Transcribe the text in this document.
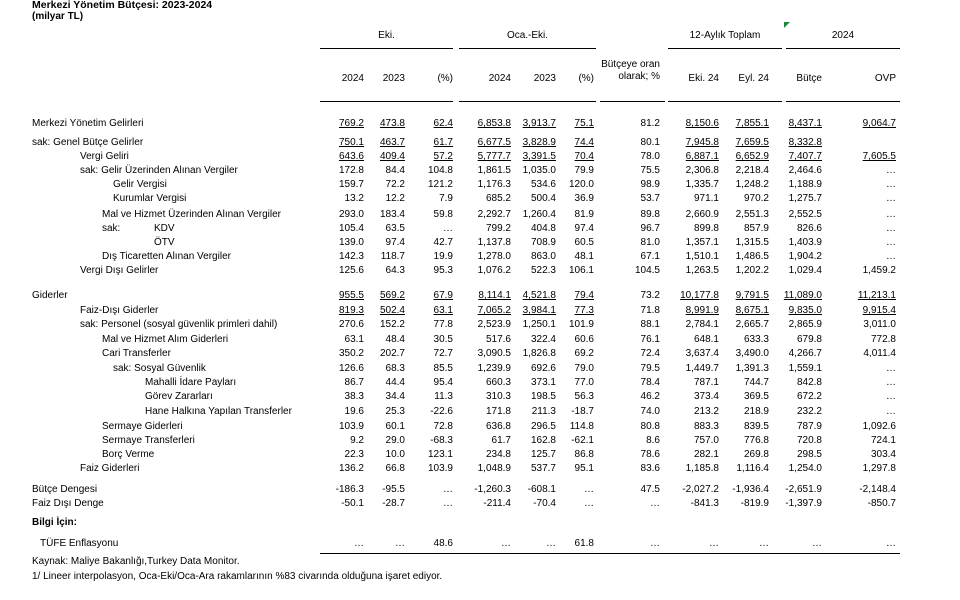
Merkezi Yönetim Bütçesi: 2023-2024
(milyar TL)
Eki.	Oca.-Eki.	12-Aylık Toplam	2024
2024	2023	(%)	2024	2023	(%)
Bütçeye oran olarak; %	Eki. 24	Eyl. 24	Bütçe	OVP
Merkezi Yönetim Gelirleri	769.2	473.8	62.4	6,853.8	3,913.7	75.1	81.2	8,150.6	7,855.1	8,437.1	9,064.7
sak: Genel Bütçe Gelirler	750.1	463.7	61.7	6,677.5	3,828.9	74.4	80.1	7,945.8	7,659.5	8,332.8
Vergi Geliri	643.6	409.4	57.2	5,777.7	3,391.5	70.4	78.0	6,887.1	6,652.9	7,407.7	7,605.5
sak: Gelir Üzerinden Alınan Vergiler	172.8	84.4	104.8	1,861.5	1,035.0	79.9	75.5	2,306.8	2,218.4	2,464.6	…
Gelir Vergisi	159.7	72.2	121.2	1,176.3	534.6	120.0	98.9	1,335.7	1,248.2	1,188.9	…
Kurumlar Vergisi	13.2	12.2	7.9	685.2	500.4	36.9	53.7	971.1	970.2	1,275.7	…
Mal ve Hizmet Üzerinden Alınan Vergiler	293.0	183.4	59.8	2,292.7	1,260.4	81.9	89.8	2,660.9	2,551.3	2,552.5	…
sak:	KDV	105.4	63.5	…	799.2	404.8	97.4	96.7	899.8	857.9	826.6	…
ÖTV	139.0	97.4	42.7	1,137.8	708.9	60.5	81.0	1,357.1	1,315.5	1,403.9	…
Dış Ticaretten Alınan Vergiler	142.3	118.7	19.9	1,278.0	863.0	48.1	67.1	1,510.1	1,486.5	1,904.2	…
Vergi Dışı Gelirler	125.6	64.3	95.3	1,076.2	522.3	106.1	104.5	1,263.5	1,202.2	1,029.4	1,459.2
Giderler	955.5	569.2	67.9	8,114.1	4,521.8	79.4	73.2	10,177.8	9,791.5	11,089.0	11,213.1
Faiz-Dışı Giderler	819.3	502.4	63.1	7,065.2	3,984.1	77.3	71.8	8,991.9	8,675.1	9,835.0	9,915.4
sak: Personel (sosyal güvenlik primleri dahil)	270.6	152.2	77.8	2,523.9	1,250.1	101.9	88.1	2,784.1	2,665.7	2,865.9	3,011.0
Mal ve Hizmet Alım Giderleri	63.1	48.4	30.5	517.6	322.4	60.6	76.1	648.1	633.3	679.8	772.8
Cari Transferler	350.2	202.7	72.7	3,090.5	1,826.8	69.2	72.4	3,637.4	3,490.0	4,266.7	4,011.4
sak: Sosyal Güvenlik	126.6	68.3	85.5	1,239.9	692.6	79.0	79.5	1,449.7	1,391.3	1,559.1	…
Mahalli İdare Payları	86.7	44.4	95.4	660.3	373.1	77.0	78.4	787.1	744.7	842.8	…
Görev Zararları	38.3	34.4	11.3	310.3	198.5	56.3	46.2	373.4	369.5	672.2	…
Hane Halkına Yapılan Transferler	19.6	25.3	-22.6	171.8	211.3	-18.7	74.0	213.2	218.9	232.2	…
Sermaye Giderleri	103.9	60.1	72.8	636.8	296.5	114.8	80.8	883.3	839.5	787.9	1,092.6
Sermaye Transferleri	9.2	29.0	-68.3	61.7	162.8	-62.1	8.6	757.0	776.8	720.8	724.1
Borç Verme	22.3	10.0	123.1	234.8	125.7	86.8	78.6	282.1	269.8	298.5	303.4
Faiz Giderleri	136.2	66.8	103.9	1,048.9	537.7	95.1	83.6	1,185.8	1,116.4	1,254.0	1,297.8
Bütçe Dengesi	-186.3	-95.5	…	-1,260.3	-608.1	…	47.5	-2,027.2	-1,936.4	-2,651.9	-2,148.4
Faiz Dışı Denge	-50.1	-28.7	…	-211.4	-70.4	…	…	-841.3	-819.9	-1,397.9	-850.7
Bilgi İçin:
TÜFE Enflasyonu	…	…	48.6	…	…	61.8	…	…	…	…	…
Kaynak: Maliye Bakanlığı,Turkey Data Monitor.
1/ Lineer interpolasyon, Oca-Eki/Oca-Ara rakamlarının %83 civarında olduğuna işaret ediyor.
